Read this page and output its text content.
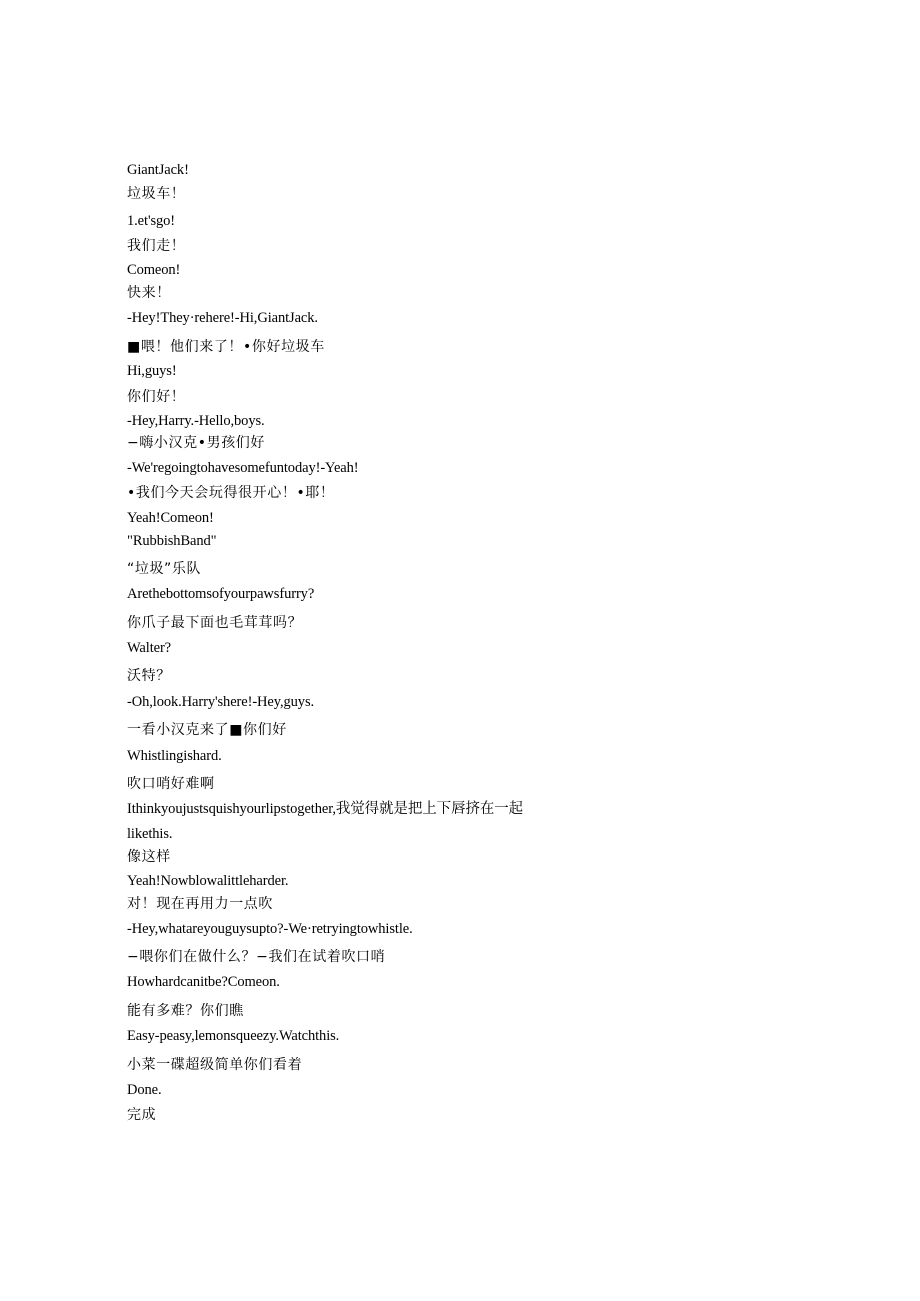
GiantJack!
垃圾车！
1.et'sgo!
我们走！
Comeon!
快来！
-Hey!They·rehere!-Hi,GiantJack.
■喂！他们来了！•你好垃圾车
Hi,guys!
你们好！
-Hey,Harry.-Hello,boys.
−嗨小汉克•男孩们好
-We'regoingtohavesomefuntoday!-Yeah!
•我们今天会玩得很开心！•耶！
Yeah!Comeon!
"RubbishBand"
“垃圾”乐队
Arethebottomsofyourpawsfurry?
你爪子最下面也毛茸茸吗？
Walter?
沃特？
-Oh,look.Harry'shere!-Hey,guys.
一看小汉克来了■你们好
Whistlingishard.
吹口哨好难啊
Ithinkyoujustsquishyourlipstogether,我觉得就是把上下唇挤在一起
likethis.
像这样
Yeah!Nowblowalittleharder.
对！现在再用力一点吹
-Hey,whatareyouguysupto?-We·retryingtowhistle.
−喂你们在做什么？−我们在试着吹口哨
Howhardcanitbe?Comeon.
能有多难？你们瞧
Easy-peasy,lemonsqueezy.Watchthis.
小菜一碟超级简单你们看着
Done.
完成
